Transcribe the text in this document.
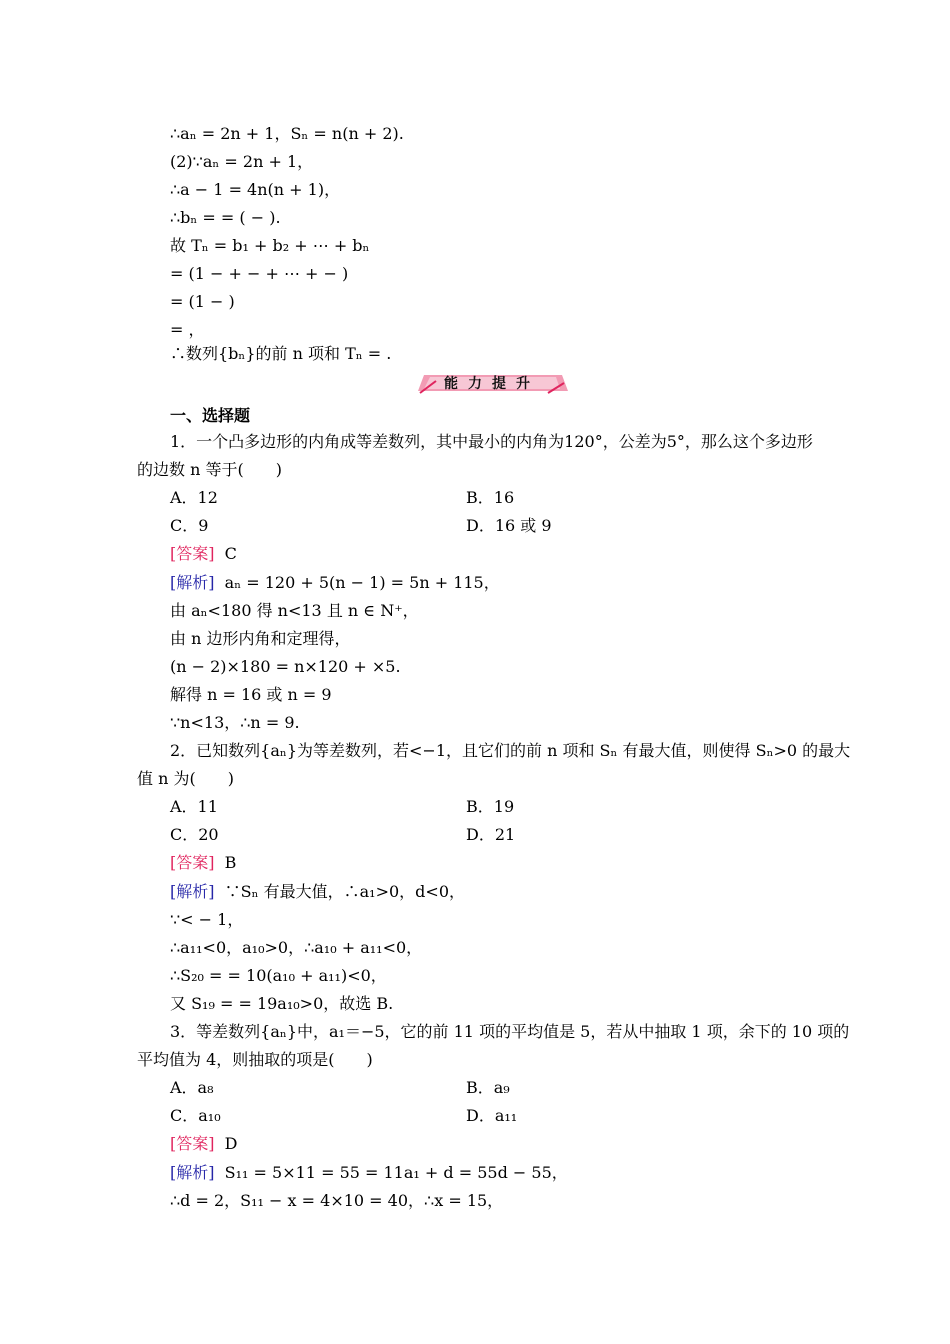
∴aₙ = 2n + 1，Sₙ = n(n + 2).
(2)∵aₙ = 2n + 1，
∴a − 1 = 4n(n + 1)，
∴bₙ = = ( − ).
故 Tₙ = b₁ + b₂ + ⋯ + bₙ
= (1 − + − + ⋯ + − )
= (1 − )
= ，
∴数列{bₙ}的前 n 项和 Tₙ = .
能力提升
一、选择题
1．一个凸多边形的内角成等差数列，其中最小的内角为120°，公差为5°，那么这个多边形
的边数 n 等于(　　)
A．12	B．16
C．9	D．16 或 9
[答案] C
[解析] aₙ = 120 + 5(n − 1) = 5n + 115，
由 aₙ<180 得 n<13 且 n ∈ N⁺，
由 n 边形内角和定理得，
(n − 2)×180 = n×120 + ×5.
解得 n = 16 或 n = 9
∵n<13，∴n = 9.
2．已知数列{aₙ}为等差数列，若<−1，且它们的前 n 项和 Sₙ 有最大值，则使得 Sₙ>0 的最大
值 n 为(　　)
A．11	B．19
C．20	D．21
[答案] B
[解析] ∵Sₙ 有最大值，∴a₁>0，d<0，
∵< − 1，
∴a₁₁<0，a₁₀>0，∴a₁₀ + a₁₁<0，
∴S₂₀ = = 10(a₁₀ + a₁₁)<0，
又 S₁₉ = = 19a₁₀>0，故选 B.
3．等差数列{aₙ}中，a₁＝−5，它的前 11 项的平均值是 5，若从中抽取 1 项，余下的 10 项的
平均值为 4，则抽取的项是(　　)
A．a₈	B．a₉
C．a₁₀	D．a₁₁
[答案] D
[解析] S₁₁ = 5×11 = 55 = 11a₁ + d = 55d − 55，
∴d = 2，S₁₁ − x = 4×10 = 40，∴x = 15，
